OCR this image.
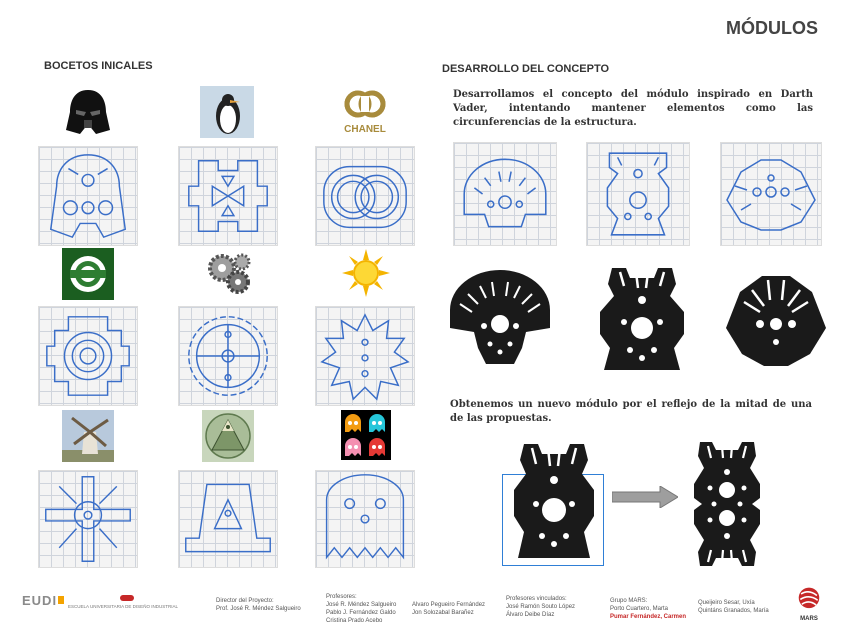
MÓDULOS
BOCETOS INICALES	DESARROLLO DEL CONCEPTO
Desarrollamos el concepto del módulo inspirado en Darth Vader, intentando mantener elementos como las circunferencias de la estructura.
Obtenemos un nuevo módulo por el reflejo de la mitad de una de las propuestas.
CHANEL
EUDI ESCUELA UNIVERSITARIA DE DISEÑO INDUSTRIAL
Director del Proyecto:
Prof. José R. Méndez Salgueiro
Profesores:
José R. Méndez Salgueiro
Pablo J. Fernández Galdo
Cristina Prado Acebo
Alvaro Pegueiro Fernández
Jon Solozabal Barañez
Profesores vinculados:
José Ramón Souto López
Álvaro Deibe Díaz
Grupo MARS:
Porto Cuartero, Marta
Pumar Fernández, Carmen
Queijeiro Sesar, Uxía
Quintáns Granados, María
MARS
